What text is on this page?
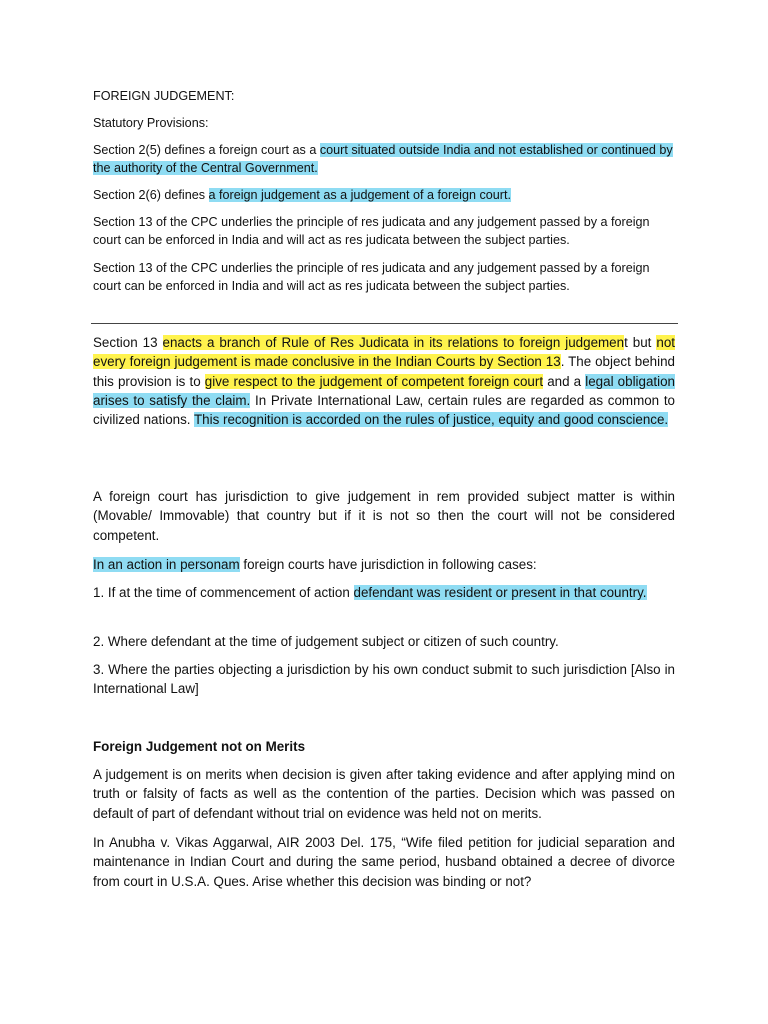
FOREIGN JUDGEMENT:

Statutory Provisions:

Section 2(5) defines a foreign court as a court situated outside India and not established or continued by the authority of the Central Government.

Section 2(6) defines a foreign judgement as a judgement of a foreign court.

Section 13 of the CPC underlies the principle of res judicata and any judgement passed by a foreign court can be enforced in India and will act as res judicata between the subject parties.

Section 13 of the CPC underlies the principle of res judicata and any judgement passed by a foreign court can be enforced in India and will act as res judicata between the subject parties.

Section 13 enacts a branch of Rule of Res Judicata in its relations to foreign judgement but not every foreign judgement is made conclusive in the Indian Courts by Section 13. The object behind this provision is to give respect to the judgement of competent foreign court and a legal obligation arises to satisfy the claim. In Private International Law, certain rules are regarded as common to civilized nations. This recognition is accorded on the rules of justice, equity and good conscience.

A foreign court has jurisdiction to give judgement in rem provided subject matter is within (Movable/ Immovable) that country but if it is not so then the court will not be considered competent.

In an action in personam foreign courts have jurisdiction in following cases:

1. If at the time of commencement of action defendant was resident or present in that country.

2. Where defendant at the time of judgement subject or citizen of such country.

3. Where the parties objecting a jurisdiction by his own conduct submit to such jurisdiction [Also in International Law]

Foreign Judgement not on Merits

A judgement is on merits when decision is given after taking evidence and after applying mind on truth or falsity of facts as well as the contention of the parties. Decision which was passed on default of part of defendant without trial on evidence was held not on merits.

In Anubha v. Vikas Aggarwal, AIR 2003 Del. 175, “Wife filed petition for judicial separation and maintenance in Indian Court and during the same period, husband obtained a decree of divorce from court in U.S.A. Ques. Arise whether this decision was binding or not?
